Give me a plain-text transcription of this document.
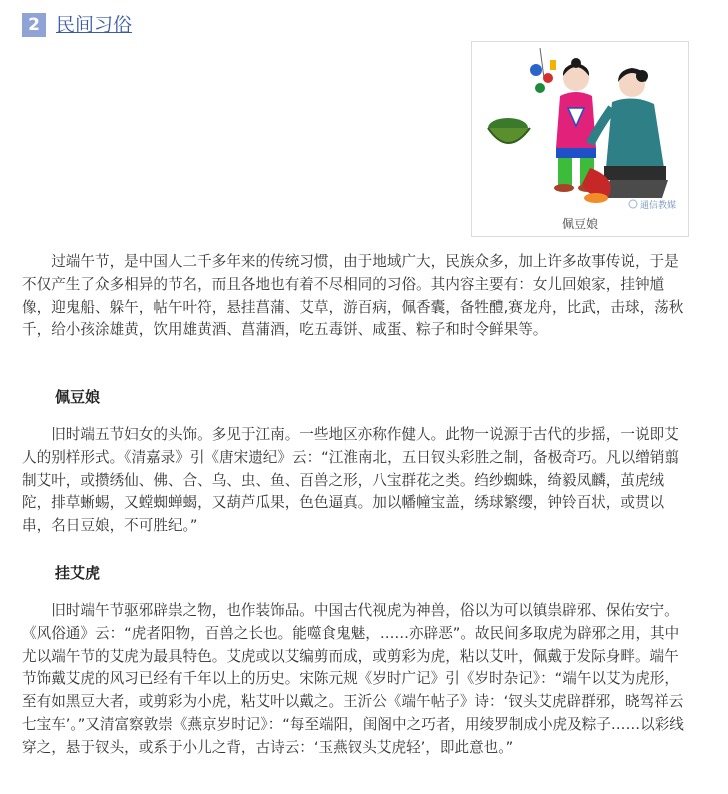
2 民间习俗
通信教媒
佩豆娘

过端午节，是中国人二千多年来的传统习惯，由于地域广大，民族众多，加上许多故事传说，于是不仅产生了众多相异的节名，而且各地也有着不尽相同的习俗。其内容主要有：女儿回娘家，挂钟馗像，迎鬼船、躲午，帖午叶符，悬挂菖蒲、艾草，游百病，佩香囊，备牲醴,赛龙舟，比武，击球，荡秋千，给小孩涂雄黄，饮用雄黄酒、菖蒲酒，吃五毒饼、咸蛋、粽子和时令鲜果等。

佩豆娘

旧时端五节妇女的头饰。多见于江南。一些地区亦称作健人。此物一说源于古代的步摇，一说即艾人的别样形式。《清嘉录》引《唐宋遗纪》云：“江淮南北，五日钗头彩胜之制，备极奇巧。凡以缯销翦制艾叶，或攒绣仙、佛、合、乌、虫、鱼、百兽之形，八宝群花之类。绉纱蜘蛛，绮毅凤麟，茧虎绒陀，排草蜥蜴，又螳蜘蝉蝎，又葫芦瓜果，色色逼真。加以幡幢宝盖，绣球繁缨，钟铃百状，或贯以串，名日豆娘，不可胜纪。”

挂艾虎

旧时端午节驱邪辟祟之物，也作装饰品。中国古代视虎为神兽，俗以为可以镇祟辟邪、保佑安宁。《风俗通》云：“虎者阳物，百兽之长也。能噬食鬼魅，……亦辟恶”。故民间多取虎为辟邪之用，其中尤以端午节的艾虎为最具特色。艾虎或以艾编剪而成，或剪彩为虎，粘以艾叶，佩戴于发际身畔。端午节饰戴艾虎的风习已经有千年以上的历史。宋陈元规《岁时广记》引《岁时杂记》：“端午以艾为虎形，至有如黑豆大者，或剪彩为小虎，粘艾叶以戴之。王沂公《端午帖子》诗：‘钗头艾虎辟群邪，晓驾祥云七宝车’。”又清富察敦崇《燕京岁时记》：“每至端阳，闺阁中之巧者，用绫罗制成小虎及粽子……以彩线穿之，悬于钗头，或系于小儿之背，古诗云：‘玉燕钗头艾虎轻’，即此意也。”
